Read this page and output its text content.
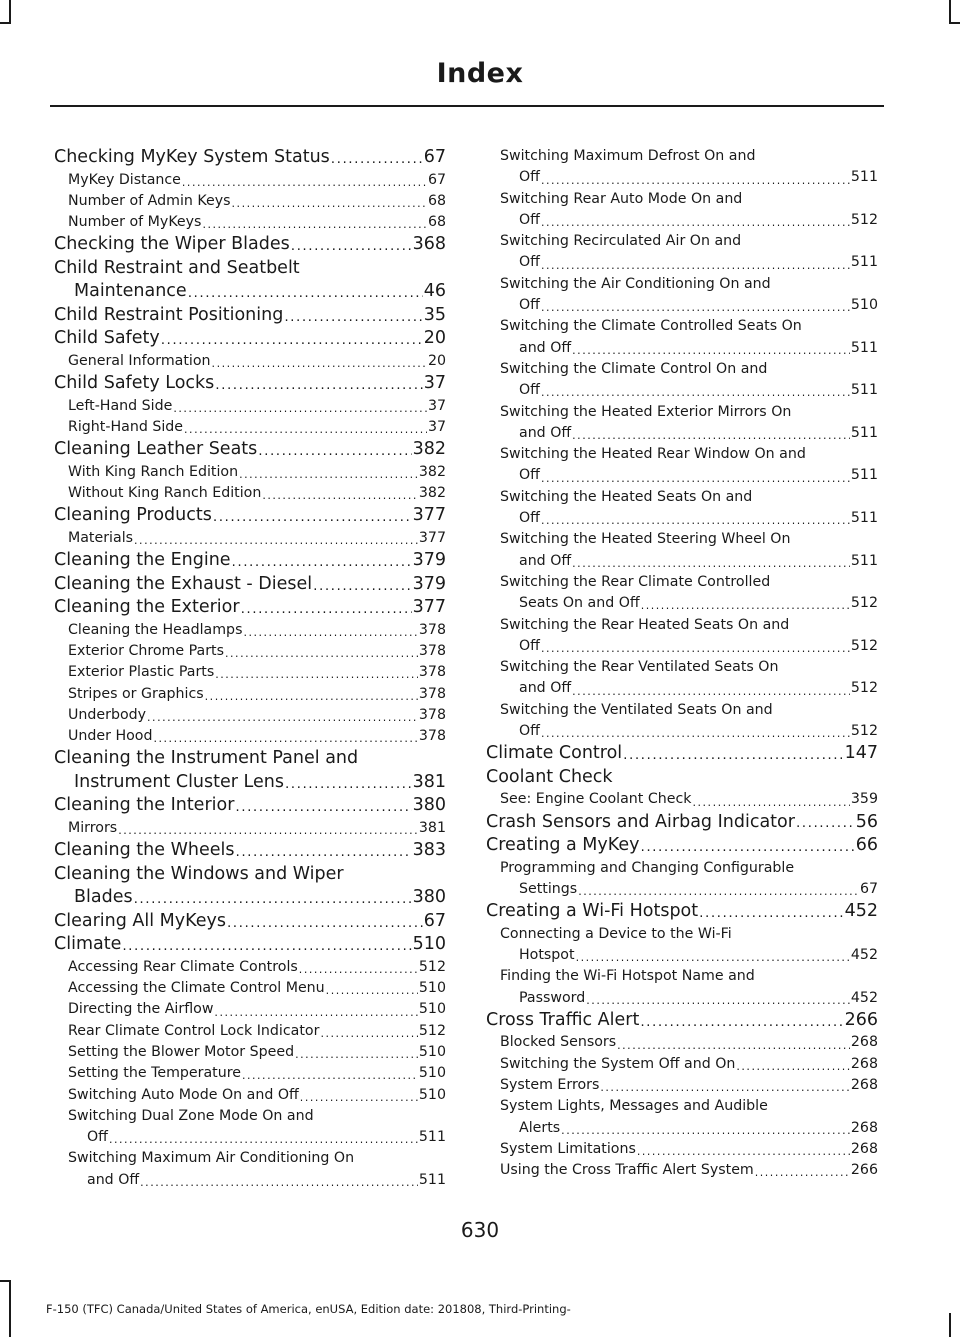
Index
Checking MyKey System Status .....	67
MyKey Distance .....	67
Number of Admin Keys .....	68
Number of MyKeys .....	68
Checking the Wiper Blades .....	368
Child Restraint and Seatbelt
Maintenance .....	46
Child Restraint Positioning .....	35
Child Safety .....	20
General Information .....	20
Child Safety Locks .....	37
Left-Hand Side .....	37
Right-Hand Side .....	37
Cleaning Leather Seats .....	382
With King Ranch Edition .....	382
Without King Ranch Edition .....	382
Cleaning Products .....	377
Materials .....	377
Cleaning the Engine .....	379
Cleaning the Exhaust - Diesel .....	379
Cleaning the Exterior .....	377
Cleaning the Headlamps .....	378
Exterior Chrome Parts .....	378
Exterior Plastic Parts .....	378
Stripes or Graphics .....	378
Underbody .....	378
Under Hood .....	378
Cleaning the Instrument Panel and
Instrument Cluster Lens .....	381
Cleaning the Interior .....	380
Mirrors .....	381
Cleaning the Wheels .....	383
Cleaning the Windows and Wiper
Blades .....	380
Clearing All MyKeys .....	67
Climate .....	510
Accessing Rear Climate Controls .....	512
Accessing the Climate Control Menu .....	510
Directing the Airflow .....	510
Rear Climate Control Lock Indicator .....	512
Setting the Blower Motor Speed .....	510
Setting the Temperature .....	510
Switching Auto Mode On and Off .....	510
Switching Dual Zone Mode On and
Off .....	511
Switching Maximum Air Conditioning On
and Off .....	511
Switching Maximum Defrost On and
Off .....	511
Switching Rear Auto Mode On and
Off .....	512
Switching Recirculated Air On and
Off .....	511
Switching the Air Conditioning On and
Off .....	510
Switching the Climate Controlled Seats On
and Off .....	511
Switching the Climate Control On and
Off .....	511
Switching the Heated Exterior Mirrors On
and Off .....	511
Switching the Heated Rear Window On and
Off .....	511
Switching the Heated Seats On and
Off .....	511
Switching the Heated Steering Wheel On
and Off .....	511
Switching the Rear Climate Controlled
Seats On and Off .....	512
Switching the Rear Heated Seats On and
Off .....	512
Switching the Rear Ventilated Seats On
and Off .....	512
Switching the Ventilated Seats On and
Off .....	512
Climate Control .....	147
Coolant Check
See: Engine Coolant Check .....	359
Crash Sensors and Airbag Indicator .....	56
Creating a MyKey .....	66
Programming and Changing Configurable
Settings .....	67
Creating a Wi-Fi Hotspot .....	452
Connecting a Device to the Wi-Fi
Hotspot .....	452
Finding the Wi-Fi Hotspot Name and
Password .....	452
Cross Traffic Alert .....	266
Blocked Sensors .....	268
Switching the System Off and On .....	268
System Errors .....	268
System Lights, Messages and Audible
Alerts .....	268
System Limitations .....	268
Using the Cross Traffic Alert System .....	266
630
F-150 (TFC) Canada/United States of America, enUSA, Edition date: 201808, Third-Printing-
